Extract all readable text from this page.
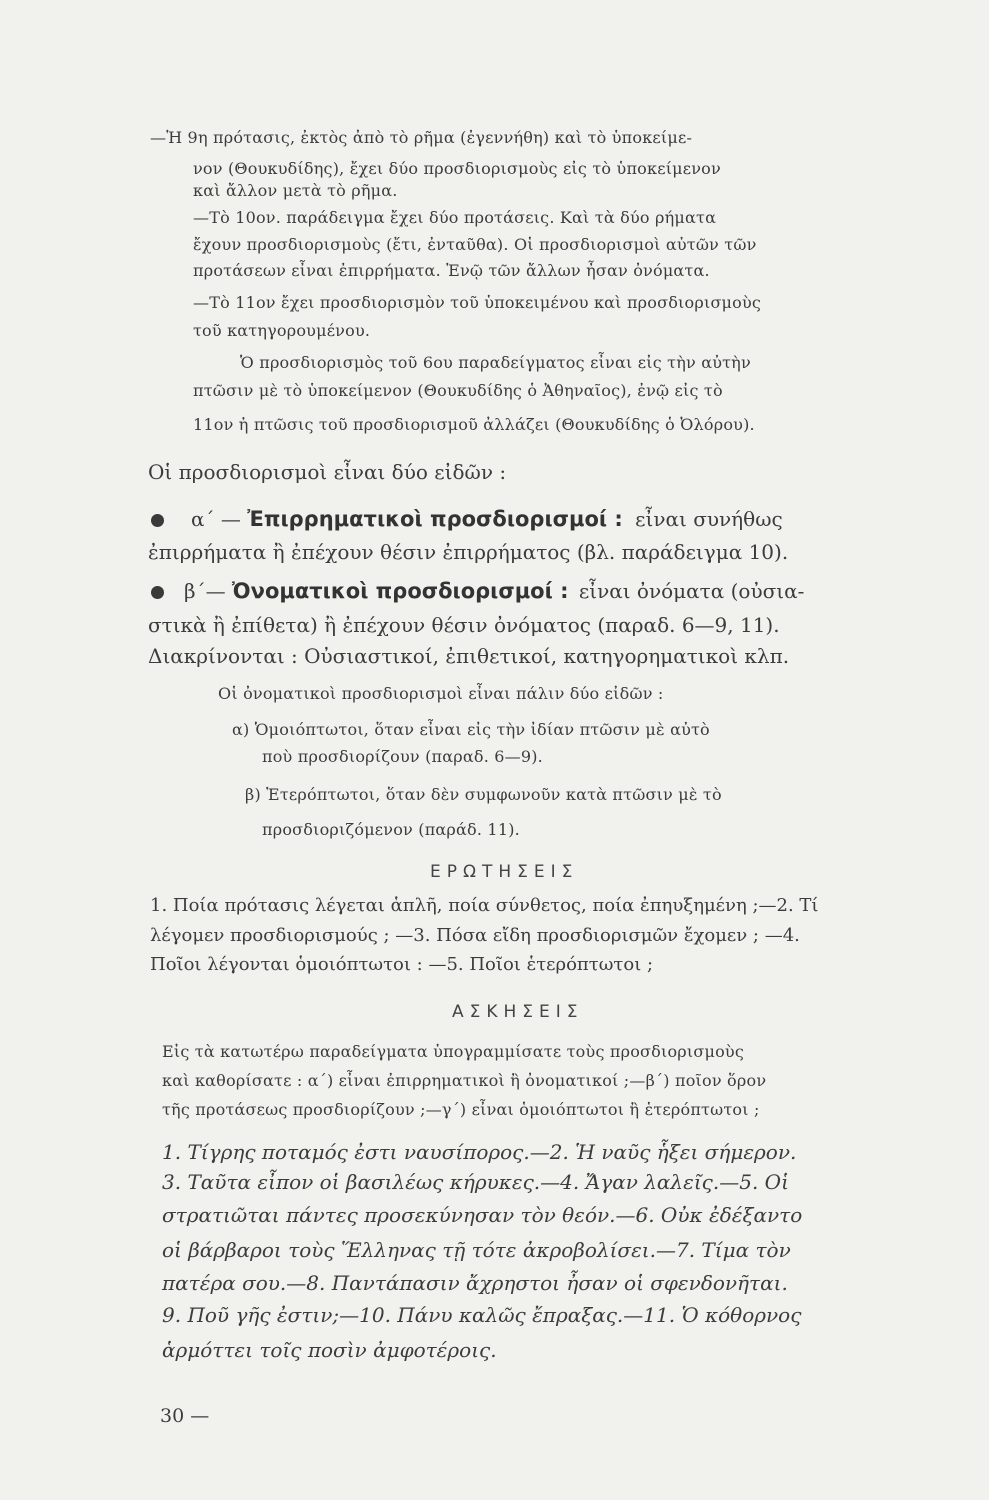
—Ἡ 9η πρότασις, ἐκτὸς ἀπὸ τὸ ρῆμα (ἐγεννήθη) καὶ τὸ ὑποκείμε-

νον (Θουκυδίδης), ἔχει δύο προσδιορισμοὺς εἰς τὸ ὑποκείμενον

καὶ ἄλλον μετὰ τὸ ρῆμα.

—Τὸ 10ον. παράδειγμα ἔχει δύο προτάσεις. Καὶ τὰ δύο ρήματα

ἔχουν προσδιορισμοὺς (ἔτι, ἐνταῦθα). Οἱ προσδιορισμοὶ αὐτῶν τῶν

προτάσεων εἶναι ἐπιρρήματα. Ἐνῷ τῶν ἄλλων ἦσαν ὀνόματα.

—Τὸ 11ον ἔχει προσδιορισμὸν τοῦ ὑποκειμένου καὶ προσδιορισμοὺς

τοῦ κατηγορουμένου.

Ὁ προσδιορισμὸς τοῦ 6ου παραδείγματος εἶναι εἰς τὴν αὐτὴν

πτῶσιν μὲ τὸ ὑποκείμενον (Θουκυδίδης ὁ Ἀθηναῖος), ἐνῷ εἰς τὸ

11ον ἡ πτῶσις τοῦ προσδιορισμοῦ ἀλλάζει (Θουκυδίδης ὁ Ὀλόρου).

Οἱ προσδιορισμοὶ εἶναι δύο εἰδῶν :

α΄ — Ἐπιρρηματικοὶ προσδιορισμοί : εἶναι συνήθως

ἐπιρρήματα ἢ ἐπέχουν θέσιν ἐπιρρήματος (βλ. παράδειγμα 10).

β΄— Ὀνοματικοὶ προσδιορισμοί : εἶναι ὀνόματα (οὐσια-

στικὰ ἢ ἐπίθετα) ἢ ἐπέχουν θέσιν ὀνόματος (παραδ. 6—9, 11).

Διακρίνονται : Οὐσιαστικοί, ἐπιθετικοί, κατηγορηματικοὶ κλπ.

Οἱ ὀνοματικοὶ προσδιορισμοὶ εἶναι πάλιν δύο εἰδῶν :

α) Ὁμοιόπτωτοι, ὅταν εἶναι εἰς τὴν ἰδίαν πτῶσιν μὲ αὐτὸ

ποὺ προσδιορίζουν (παραδ. 6—9).

β) Ἑτερόπτωτοι, ὅταν δὲν συμφωνοῦν κατὰ πτῶσιν μὲ τὸ

προσδιοριζόμενον (παράδ. 11).

ΕΡΩΤΗΣΕΙΣ

1. Ποία πρότασις λέγεται ἁπλῆ, ποία σύνθετος, ποία ἐπηυξημένη ;—2. Τί

λέγομεν προσδιορισμούς ; —3. Πόσα εἴδη προσδιορισμῶν ἔχομεν ; —4.

Ποῖοι λέγονται ὁμοιόπτωτοι : —5. Ποῖοι ἑτερόπτωτοι ;

ΑΣΚΗΣΕΙΣ

Εἰς τὰ κατωτέρω παραδείγματα ὑπογραμμίσατε τοὺς προσδιορισμοὺς

καὶ καθορίσατε : α΄) εἶναι ἐπιρρηματικοὶ ἢ ὀνοματικοί ;—β΄) ποῖον ὅρον

τῆς προτάσεως προσδιορίζουν ;—γ΄) εἶναι ὁμοιόπτωτοι ἢ ἑτερόπτωτοι ;

1. Τίγρης ποταμός ἐστι ναυσίπορος.—2. Ἡ ναῦς ἧξει σήμερον.

3. Ταῦτα εἶπον οἱ βασιλέως κήρυκες.—4. Ἄγαν λαλεῖς.—5. Οἱ

στρατιῶται πάντες προσεκύνησαν τὸν θεόν.—6. Οὐκ ἐδέξαντο

οἱ βάρβαροι τοὺς Ἕλληνας τῇ τότε ἀκροβολίσει.—7. Τίμα τὸν

πατέρα σου.—8. Παντάπασιν ἄχρηστοι ἦσαν οἱ σφενδονῆται.

9. Ποῦ γῆς ἐστιν;—10. Πάνυ καλῶς ἔπραξας.—11. Ὁ κόθορνος

ἁρμόττει τοῖς ποσὶν ἀμφοτέροις.

30 —
